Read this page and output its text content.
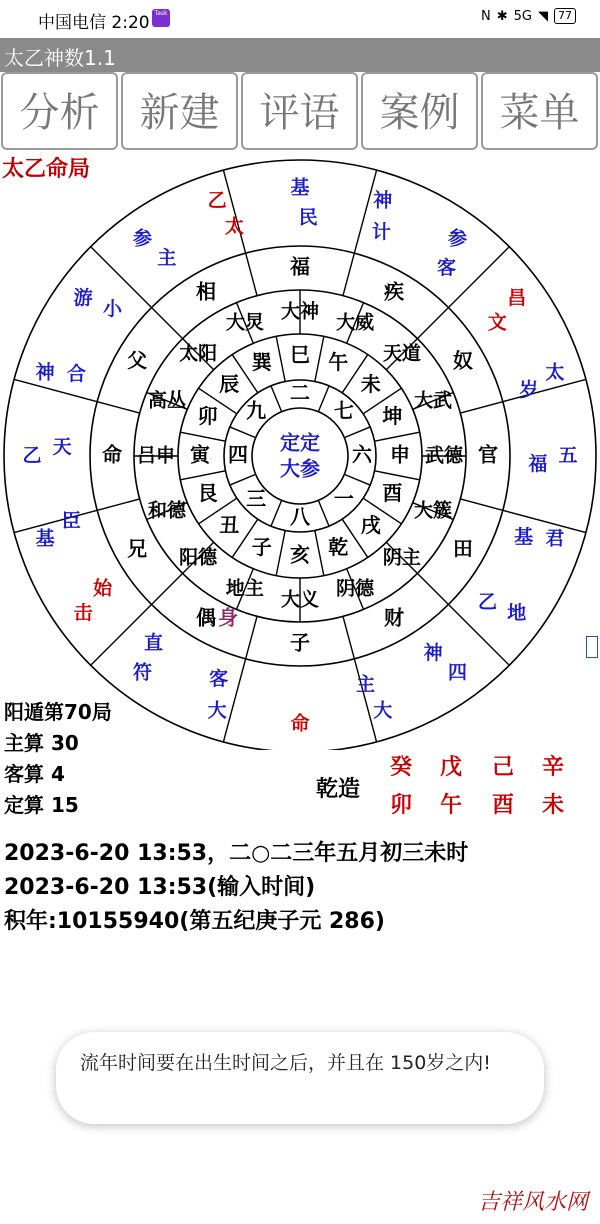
中国电信 2:20 Task	N ✱ 5G ◥ 77
太乙神数1.1
分析	新建	评语	案例	菜单
太乙命局
基
民
神
计	参
客
昌
文
太
岁
五
福
君
基
地
乙
四
神
大
主
命
大
客
符
直
击
始
基
臣
乙 天
神 合
游 小
参
主
乙
太
福
疾
奴
官
田
财
子
偶 身
兄
命
父
相
大神 大威
天道
大武
武德
大簇
阴主
阴德
大义
地主
阳德
和德
吕申
高丛
太阳
大炅
巳 午
未
坤
申
酉
戌
乾
亥
子
丑
艮
寅
卯
辰
巽
二
七
六
一
八
三
四
九
定定
大参
阳遁第70局
主算 30
客算 4
定算 15
乾造
癸 戊 己 辛
卯 午 酉 未
2023-6-20 13:53，二○二三年五月初三未时
2023-6-20 13:53(输入时间)
积年:10155940(第五纪庚子元 286)
流年时间要在出生时间之后，并且在 150岁之内!
吉祥风水网
